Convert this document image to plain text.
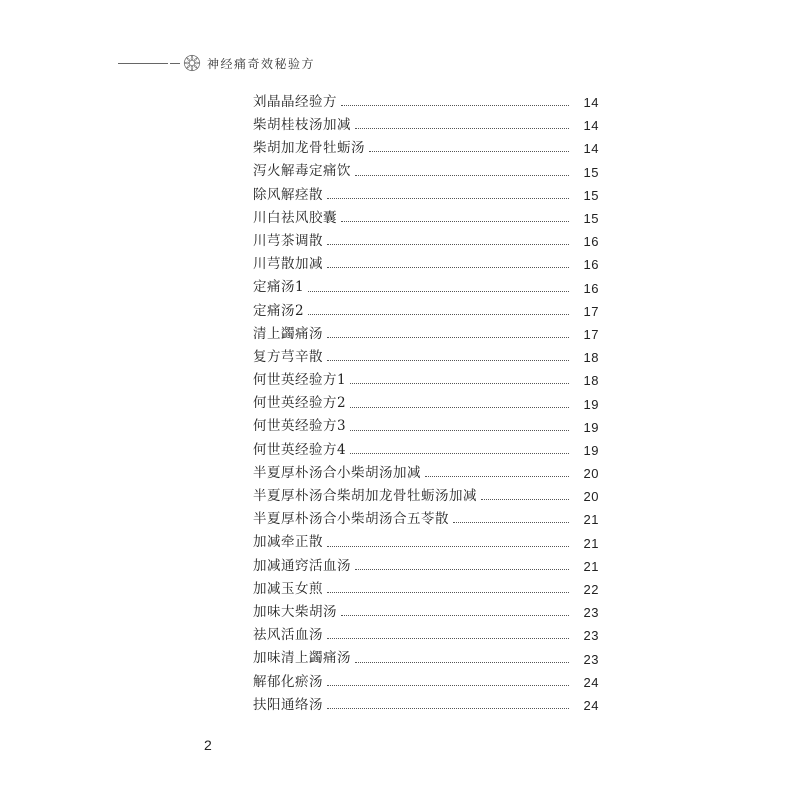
神经痛奇效秘验方
刘晶晶经验方	14
柴胡桂枝汤加减	14
柴胡加龙骨牡蛎汤	14
泻火解毒定痛饮	15
除风解痉散	15
川白祛风胶囊	15
川芎茶调散	16
川芎散加减	16
定痛汤1	16
定痛汤2	17
清上蠲痛汤	17
复方芎辛散	18
何世英经验方1	18
何世英经验方2	19
何世英经验方3	19
何世英经验方4	19
半夏厚朴汤合小柴胡汤加减	20
半夏厚朴汤合柴胡加龙骨牡蛎汤加减	20
半夏厚朴汤合小柴胡汤合五苓散	21
加减牵正散	21
加减通窍活血汤	21
加减玉女煎	22
加味大柴胡汤	23
祛风活血汤	23
加味清上蠲痛汤	23
解郁化瘀汤	24
扶阳通络汤	24
2
